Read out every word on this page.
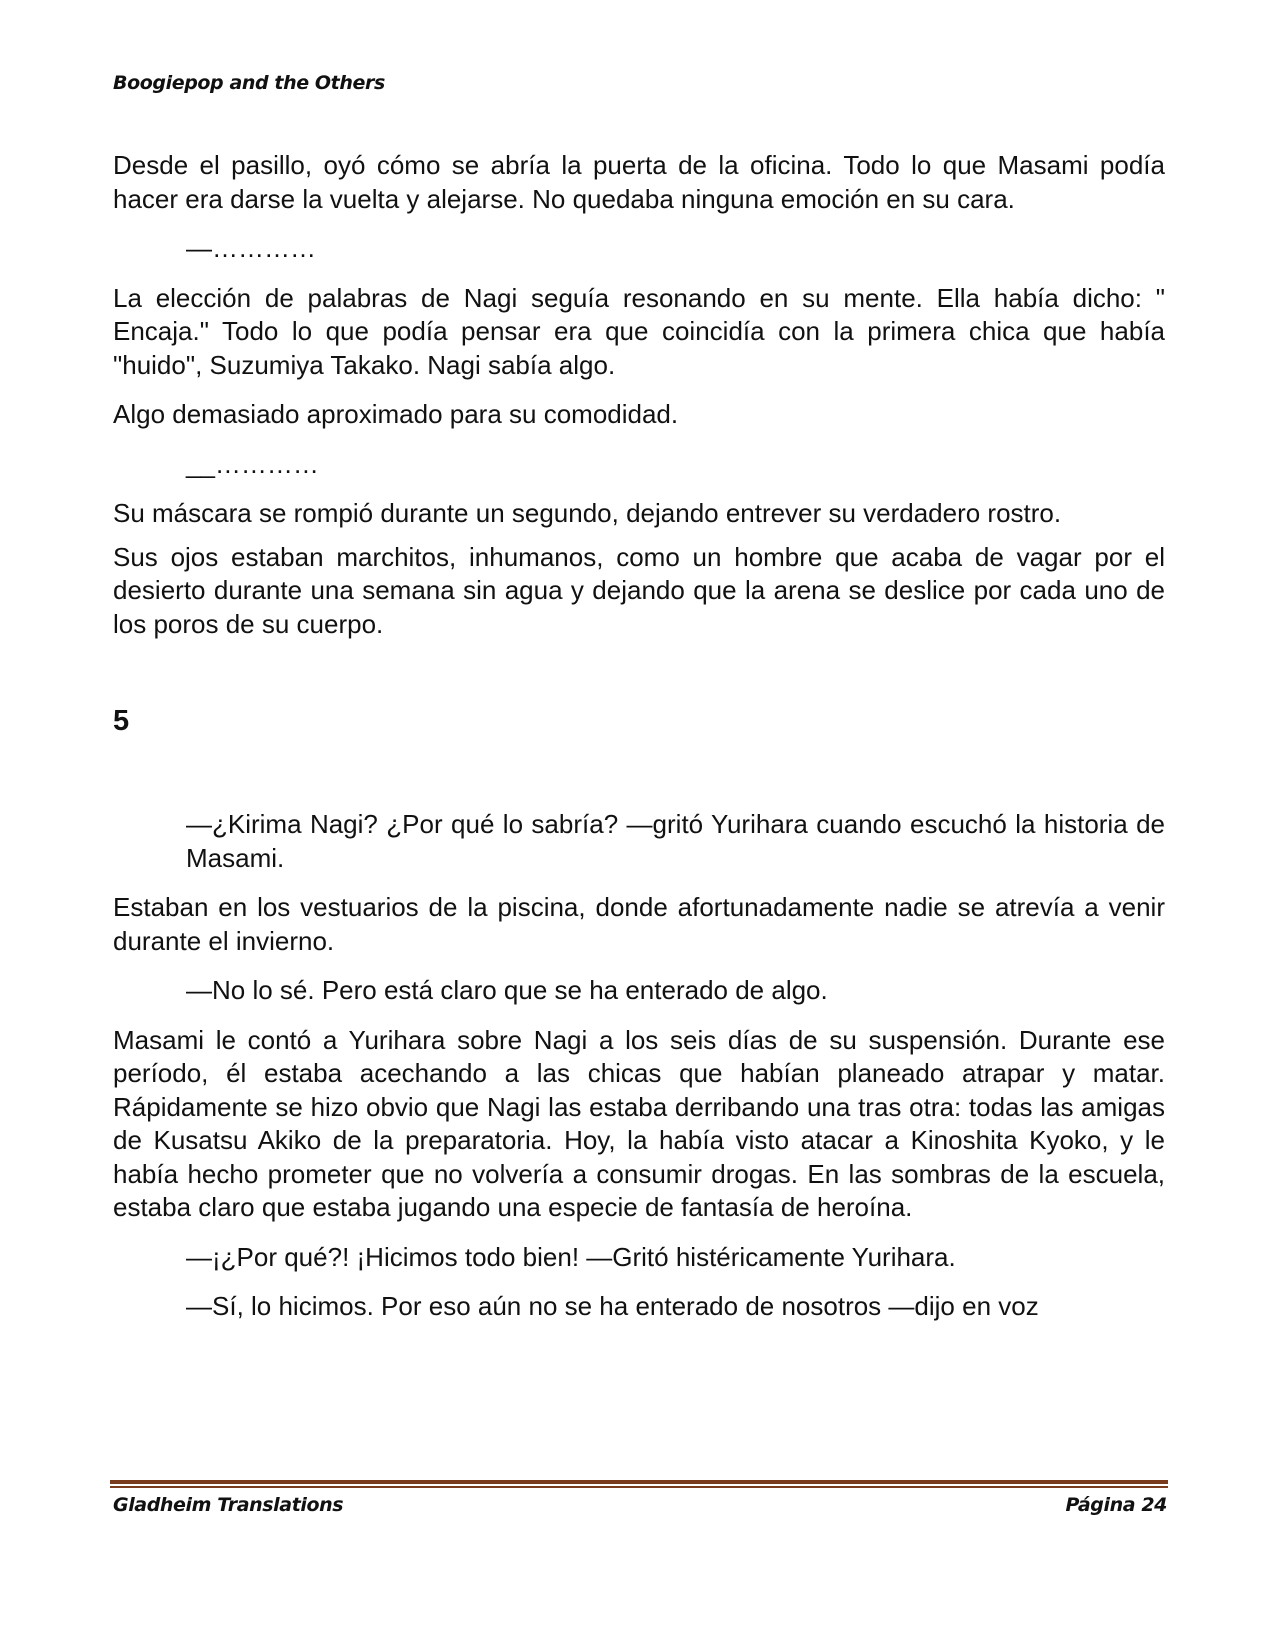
Boogiepop and the Others

Desde el pasillo, oyó cómo se abría la puerta de la oficina. Todo lo que Masami podía hacer era darse la vuelta y alejarse. No quedaba ninguna emoción en su cara.

—…………

La elección de palabras de Nagi seguía resonando en su mente. Ella había dicho: " Encaja." Todo lo que podía pensar era que coincidía con la primera chica que había "huido", Suzumiya Takako. Nagi sabía algo.

Algo demasiado aproximado para su comodidad.

__…………

Su máscara se rompió durante un segundo, dejando entrever su verdadero rostro.

Sus ojos estaban marchitos, inhumanos, como un hombre que acaba de vagar por el desierto durante una semana sin agua y dejando que la arena se deslice por cada uno de los poros de su cuerpo.

5

—¿Kirima Nagi? ¿Por qué lo sabría? —gritó Yurihara cuando escuchó la historia de Masami.

Estaban en los vestuarios de la piscina, donde afortunadamente nadie se atrevía a venir durante el invierno.

—No lo sé. Pero está claro que se ha enterado de algo.

Masami le contó a Yurihara sobre Nagi a los seis días de su suspensión. Durante ese período, él estaba acechando a las chicas que habían planeado atrapar y matar. Rápidamente se hizo obvio que Nagi las estaba derribando una tras otra: todas las amigas de Kusatsu Akiko de la preparatoria. Hoy, la había visto atacar a Kinoshita Kyoko, y le había hecho prometer que no volvería a consumir drogas. En las sombras de la escuela, estaba claro que estaba jugando una especie de fantasía de heroína.

—¡¿Por qué?! ¡Hicimos todo bien! —Gritó histéricamente Yurihara.

—Sí, lo hicimos. Por eso aún no se ha enterado de nosotros —dijo en voz

Gladheim Translations	Página 24
